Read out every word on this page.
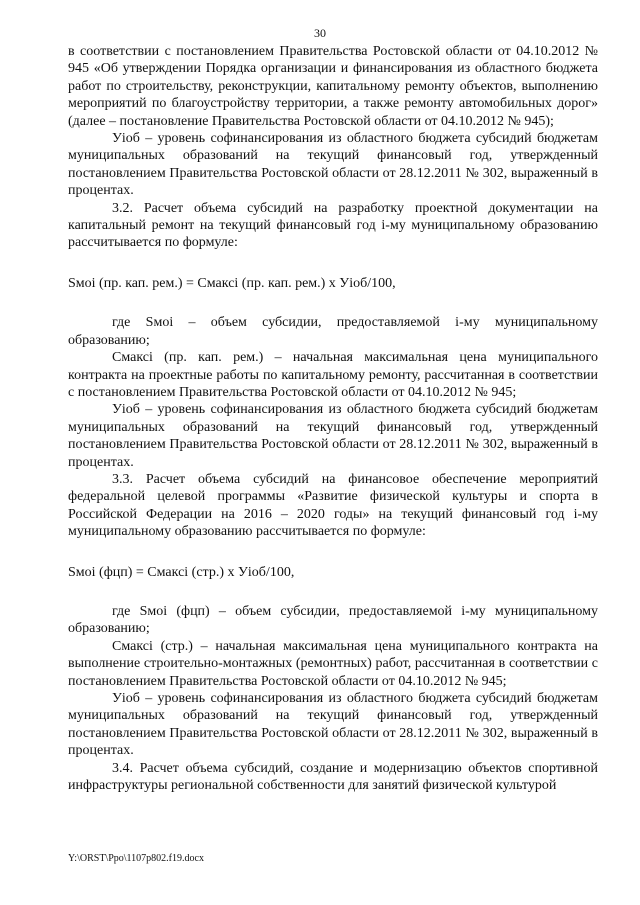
30

в соответствии с постановлением Правительства Ростовской области от 04.10.2012 № 945 «Об утверждении Порядка организации и финансирования из областного бюджета работ по строительству, реконструкции, капитальному ремонту объектов, выполнению мероприятий по благоустройству территории, а также ремонту автомобильных дорог» (далее – постановление Правительства Ростовской области от 04.10.2012 № 945);

Уiоб – уровень софинансирования из областного бюджета субсидий бюджетам муниципальных образований на текущий финансовый год, утвержденный постановлением Правительства Ростовской области от 28.12.2011 № 302, выраженный в процентах.

3.2. Расчет объема субсидий на разработку проектной документации на капитальный ремонт на текущий финансовый год i-му муниципальному образованию рассчитывается по формуле:

Sмоi (пр. кап. рем.) = Смаксi (пр. кап. рем.) х Уiоб/100,

где Sмоi – объем субсидии, предоставляемой i-му муниципальному образованию;

Смаксi (пр. кап. рем.) – начальная максимальная цена муниципального контракта на проектные работы по капитальному ремонту, рассчитанная в соответствии с постановлением Правительства Ростовской области от 04.10.2012 № 945;

Уiоб – уровень софинансирования из областного бюджета субсидий бюджетам муниципальных образований на текущий финансовый год, утвержденный постановлением Правительства Ростовской области от 28.12.2011 № 302, выраженный в процентах.

3.3. Расчет объема субсидий на финансовое обеспечение мероприятий федеральной целевой программы «Развитие физической культуры и спорта в Российской Федерации на 2016 – 2020 годы» на текущий финансовый год i-му муниципальному образованию рассчитывается по формуле:

Sмоi (фцп) = Смаксi (стр.) х Уiоб/100,

где Sмоi (фцп) – объем субсидии, предоставляемой i-му муниципальному образованию;

Смаксi (стр.) – начальная максимальная цена муниципального контракта на выполнение строительно-монтажных (ремонтных) работ, рассчитанная в соответствии с постановлением Правительства Ростовской области от 04.10.2012 № 945;

Уiоб – уровень софинансирования из областного бюджета субсидий бюджетам муниципальных образований на текущий финансовый год, утвержденный постановлением Правительства Ростовской области от 28.12.2011 № 302, выраженный в процентах.

3.4. Расчет объема субсидий, создание и модернизацию объектов спортивной инфраструктуры региональной собственности для занятий физической культурой

Y:\ORST\Ppo\1107p802.f19.docx
